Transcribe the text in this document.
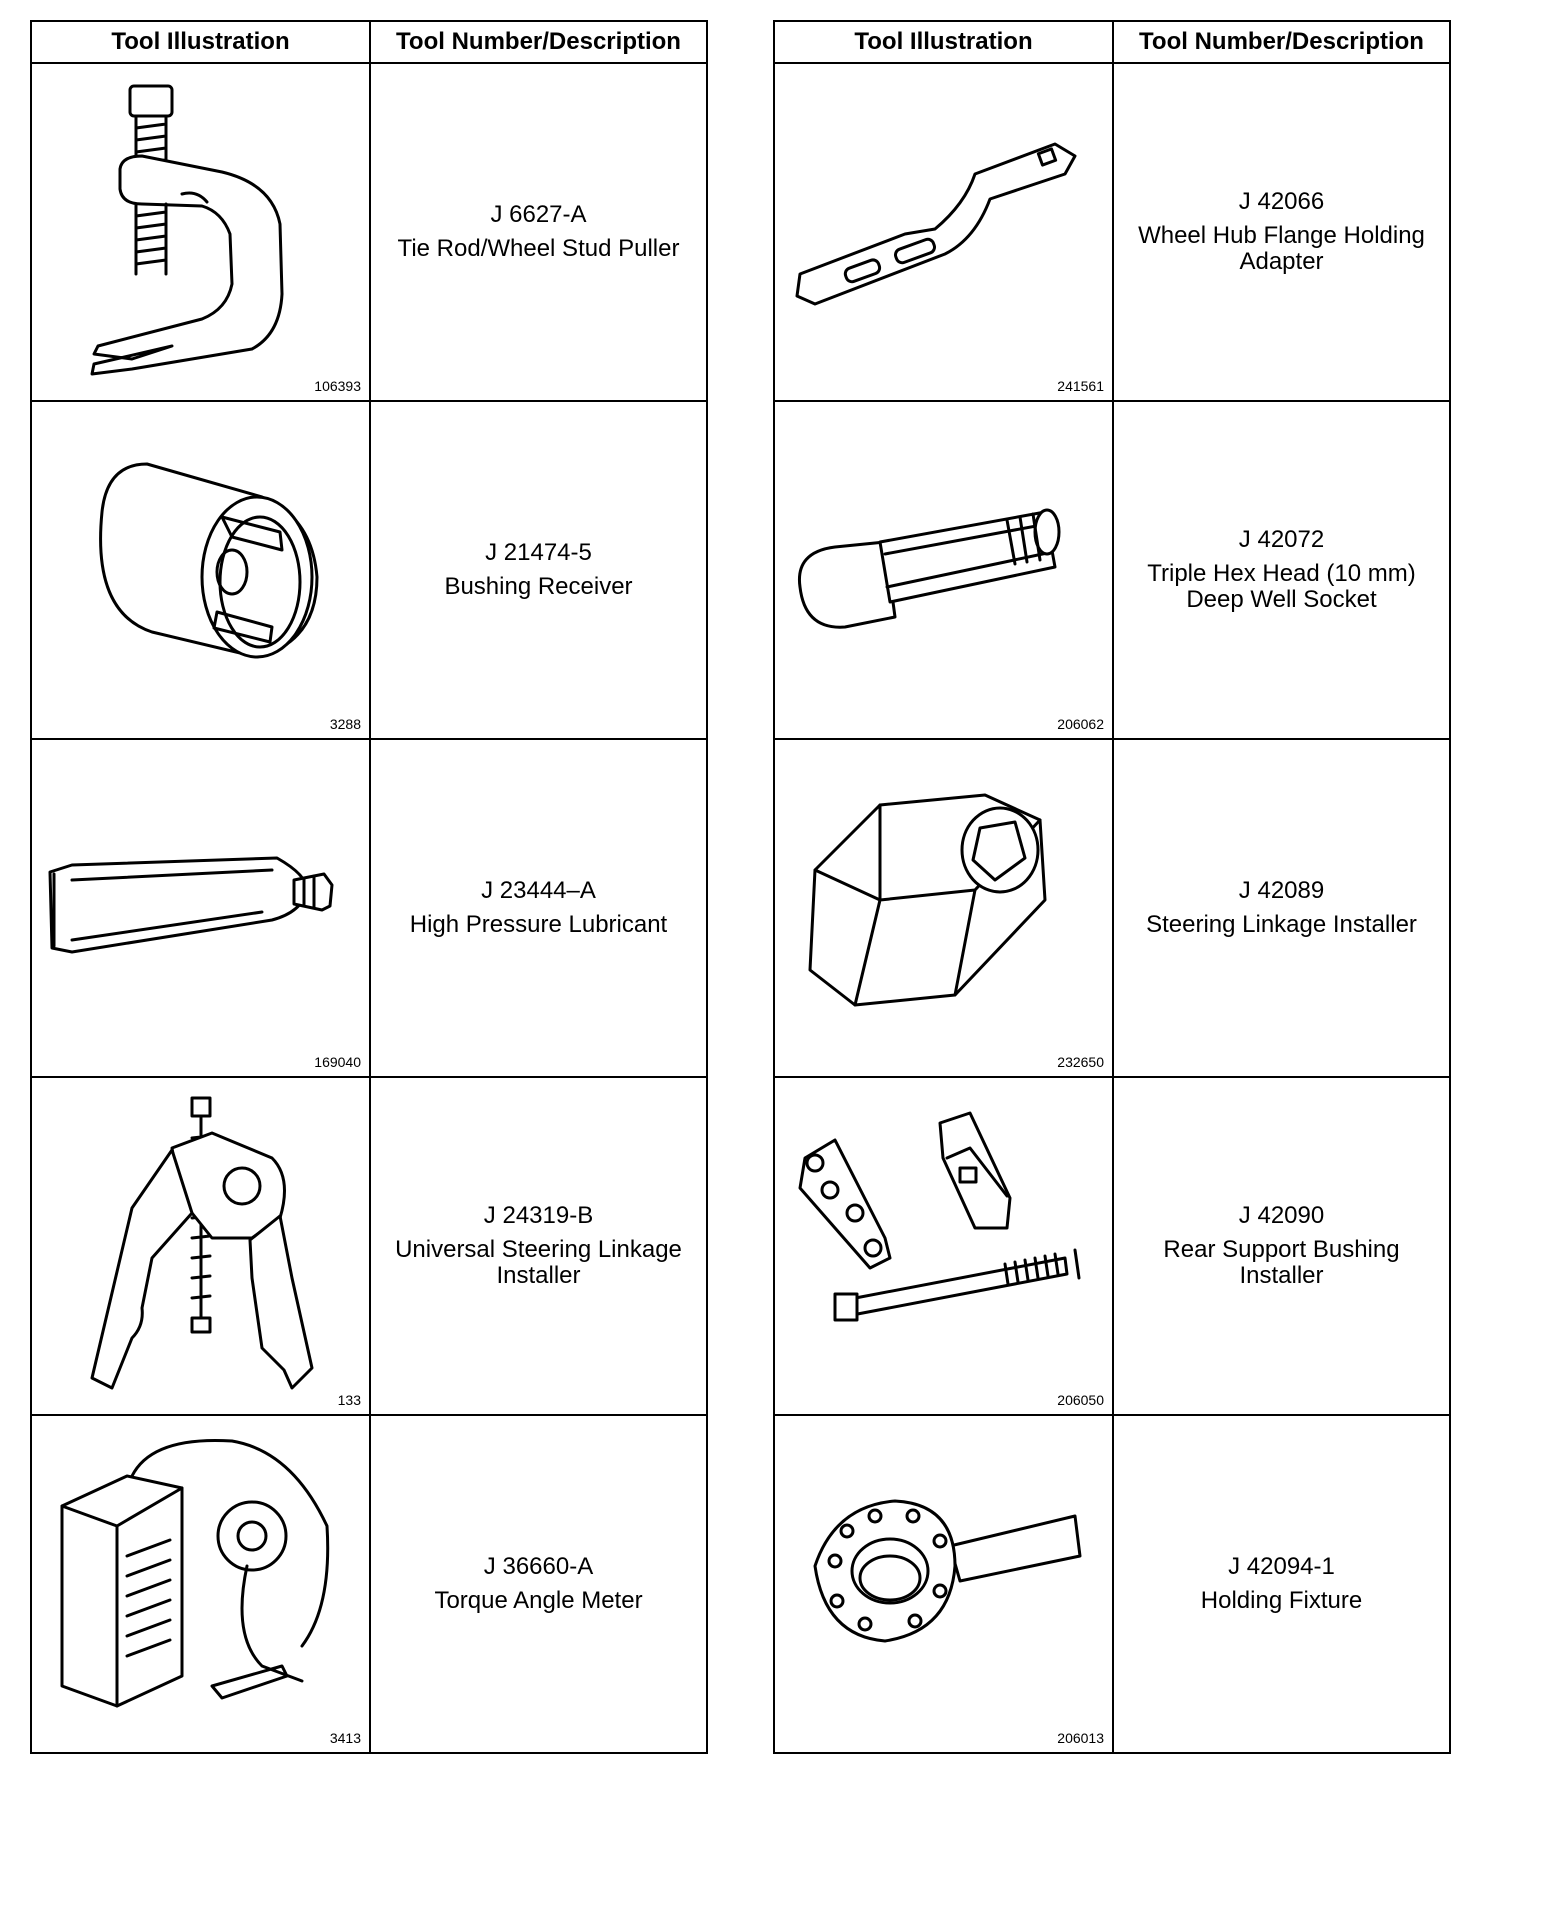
Tool Illustration	Tool Number/Description

106393	J 6627-A
Tie Rod/Wheel Stud Puller

3288	J 21474-5
Bushing Receiver

169040	J 23444–A
High Pressure Lubricant

133	J 24319-B
Universal Steering Linkage Installer

3413	J 36660-A
Torque Angle Meter
Tool Illustration	Tool Number/Description

241561	J 42066
Wheel Hub Flange Holding Adapter

206062	J 42072
Triple Hex Head (10 mm) Deep Well Socket

232650	J 42089
Steering Linkage Installer

206050	J 42090
Rear Support Bushing Installer

206013	J 42094-1
Holding Fixture
